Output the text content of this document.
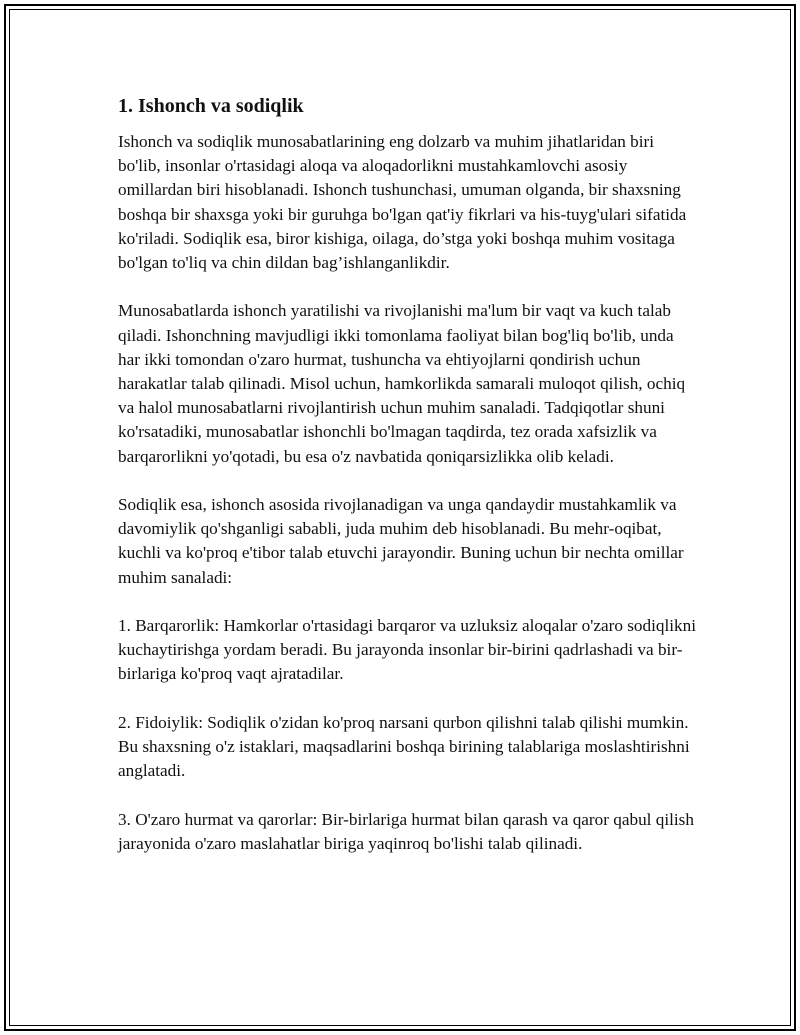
1. Ishonch va sodiqlik

Ishonch va sodiqlik munosabatlarining eng dolzarb va muhim jihatlaridan biri bo'lib, insonlar o'rtasidagi aloqa va aloqadorlikni mustahkamlovchi asosiy omillardan biri hisoblanadi. Ishonch tushunchasi, umuman olganda, bir shaxsning boshqa bir shaxsga yoki bir guruhga bo'lgan qat'iy fikrlari va his-tuyg'ulari sifatida ko'riladi. Sodiqlik esa, biror kishiga, oilaga, do’stga yoki boshqa muhim vositaga bo'lgan to'liq va chin dildan bag’ishlanganlikdir.

Munosabatlarda ishonch yaratilishi va rivojlanishi ma'lum bir vaqt va kuch talab qiladi. Ishonchning mavjudligi ikki tomonlama faoliyat bilan bog'liq bo'lib, unda har ikki tomondan o'zaro hurmat, tushuncha va ehtiyojlarni qondirish uchun harakatlar talab qilinadi. Misol uchun, hamkorlikda samarali muloqot qilish, ochiq va halol munosabatlarni rivojlantirish uchun muhim sanaladi. Tadqiqotlar shuni ko'rsatadiki, munosabatlar ishonchli bo'lmagan taqdirda, tez orada xafsizlik va barqarorlikni yo'qotadi, bu esa o'z navbatida qoniqarsizlikka olib keladi.

Sodiqlik esa, ishonch asosida rivojlanadigan va unga qandaydir mustahkamlik va davomiylik qo'shganligi sababli, juda muhim deb hisoblanadi. Bu mehr-oqibat, kuchli va ko'proq e'tibor talab etuvchi jarayondir. Buning uchun bir nechta omillar muhim sanaladi:

1. Barqarorlik: Hamkorlar o'rtasidagi barqaror va uzluksiz aloqalar o'zaro sodiqlikni kuchaytirishga yordam beradi. Bu jarayonda insonlar bir-birini qadrlashadi va bir-birlariga ko'proq vaqt ajratadilar.

2. Fidoiylik: Sodiqlik o'zidan ko'proq narsani qurbon qilishni talab qilishi mumkin. Bu shaxsning o'z istaklari, maqsadlarini boshqa birining talablariga moslashtirishni anglatadi.

3. O'zaro hurmat va qarorlar: Bir-birlariga hurmat bilan qarash va qaror qabul qilish jarayonida o'zaro maslahatlar biriga yaqinroq bo'lishi talab qilinadi.
